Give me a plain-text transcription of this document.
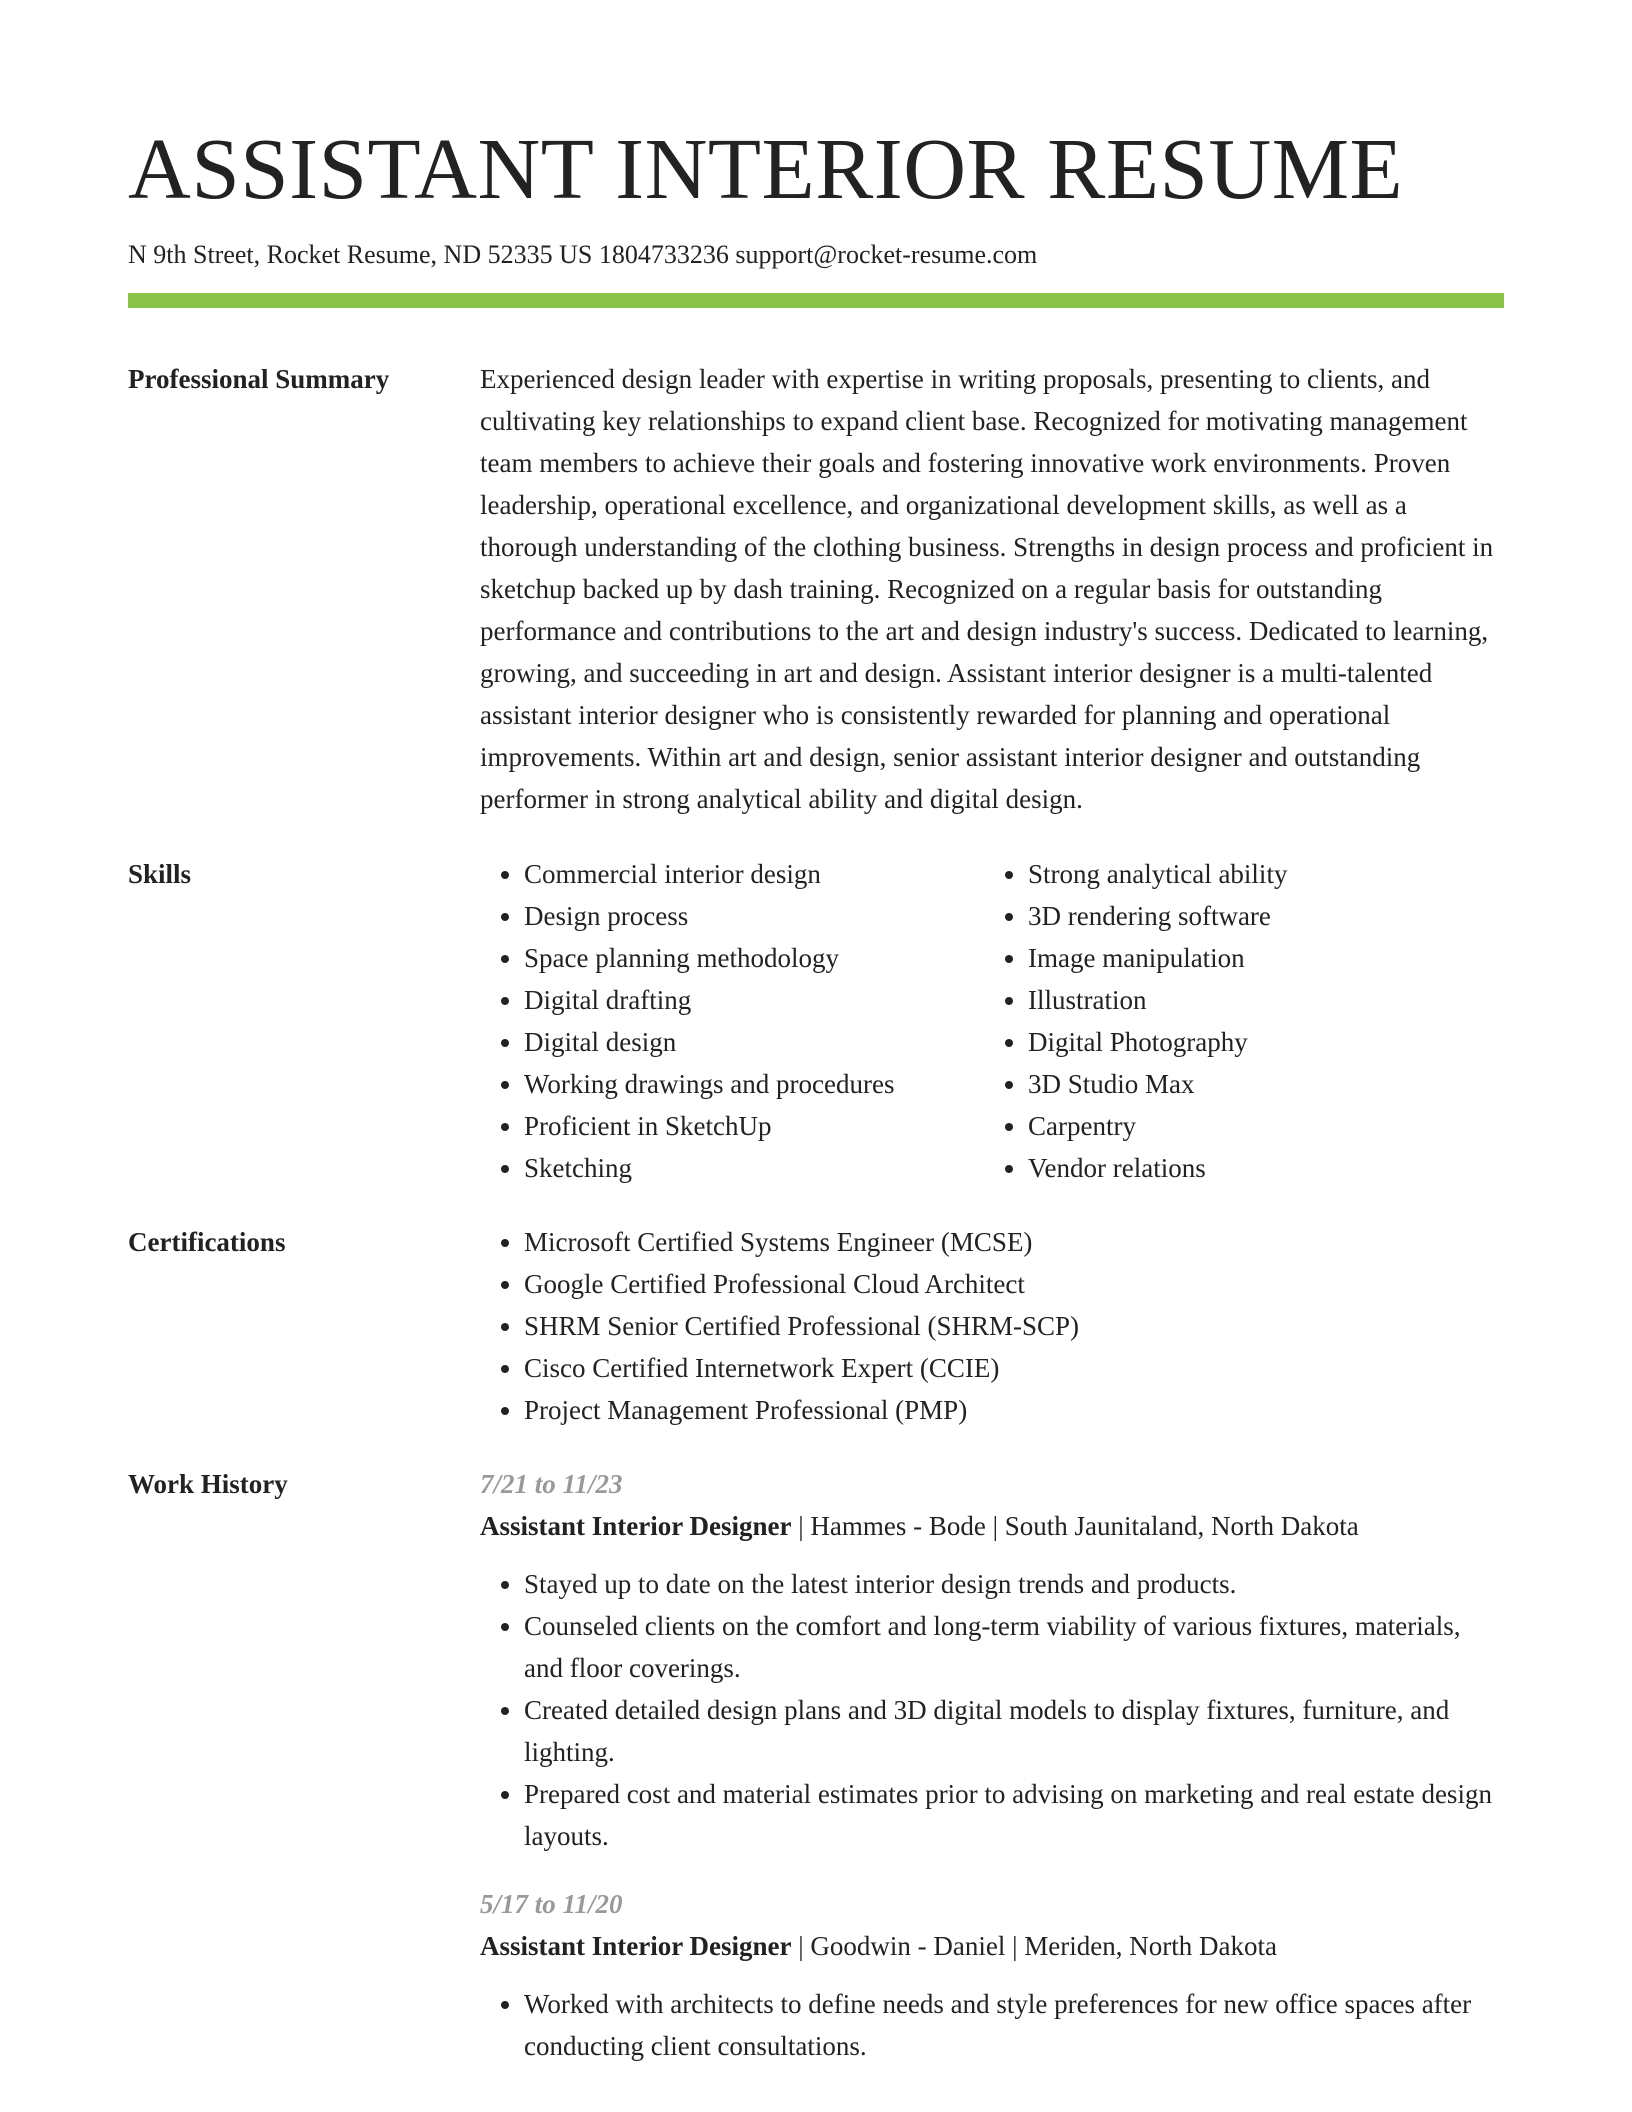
ASSISTANT INTERIOR RESUME
N 9th Street, Rocket Resume, ND 52335 US 1804733236 support@rocket-resume.com
Professional Summary	Experienced design leader with expertise in writing proposals, presenting to clients, and cultivating key relationships to expand client base. Recognized for motivating management team members to achieve their goals and fostering innovative work environments. Proven leadership, operational excellence, and organizational development skills, as well as a thorough understanding of the clothing business. Strengths in design process and proficient in sketchup backed up by dash training. Recognized on a regular basis for outstanding performance and contributions to the art and design industry's success. Dedicated to learning, growing, and succeeding in art and design. Assistant interior designer is a multi-talented assistant interior designer who is consistently rewarded for planning and operational improvements. Within art and design, senior assistant interior designer and outstanding performer in strong analytical ability and digital design.

Skills	• Commercial interior design
• Design process
• Space planning methodology
• Digital drafting
• Digital design
• Working drawings and procedures
• Proficient in SketchUp
• Sketching
• Strong analytical ability
• 3D rendering software
• Image manipulation
• Illustration
• Digital Photography
• 3D Studio Max
• Carpentry
• Vendor relations
Certifications	• Microsoft Certified Systems Engineer (MCSE)
• Google Certified Professional Cloud Architect
• SHRM Senior Certified Professional (SHRM-SCP)
• Cisco Certified Internetwork Expert (CCIE)
• Project Management Professional (PMP)
Work History	7/21 to 11/23
Assistant Interior Designer | Hammes - Bode | South Jaunitaland, North Dakota
• Stayed up to date on the latest interior design trends and products.
• Counseled clients on the comfort and long-term viability of various fixtures, materials, and floor coverings.
• Created detailed design plans and 3D digital models to display fixtures, furniture, and lighting.
• Prepared cost and material estimates prior to advising on marketing and real estate design layouts.
5/17 to 11/20
Assistant Interior Designer | Goodwin - Daniel | Meriden, North Dakota
• Worked with architects to define needs and style preferences for new office spaces after conducting client consultations.
